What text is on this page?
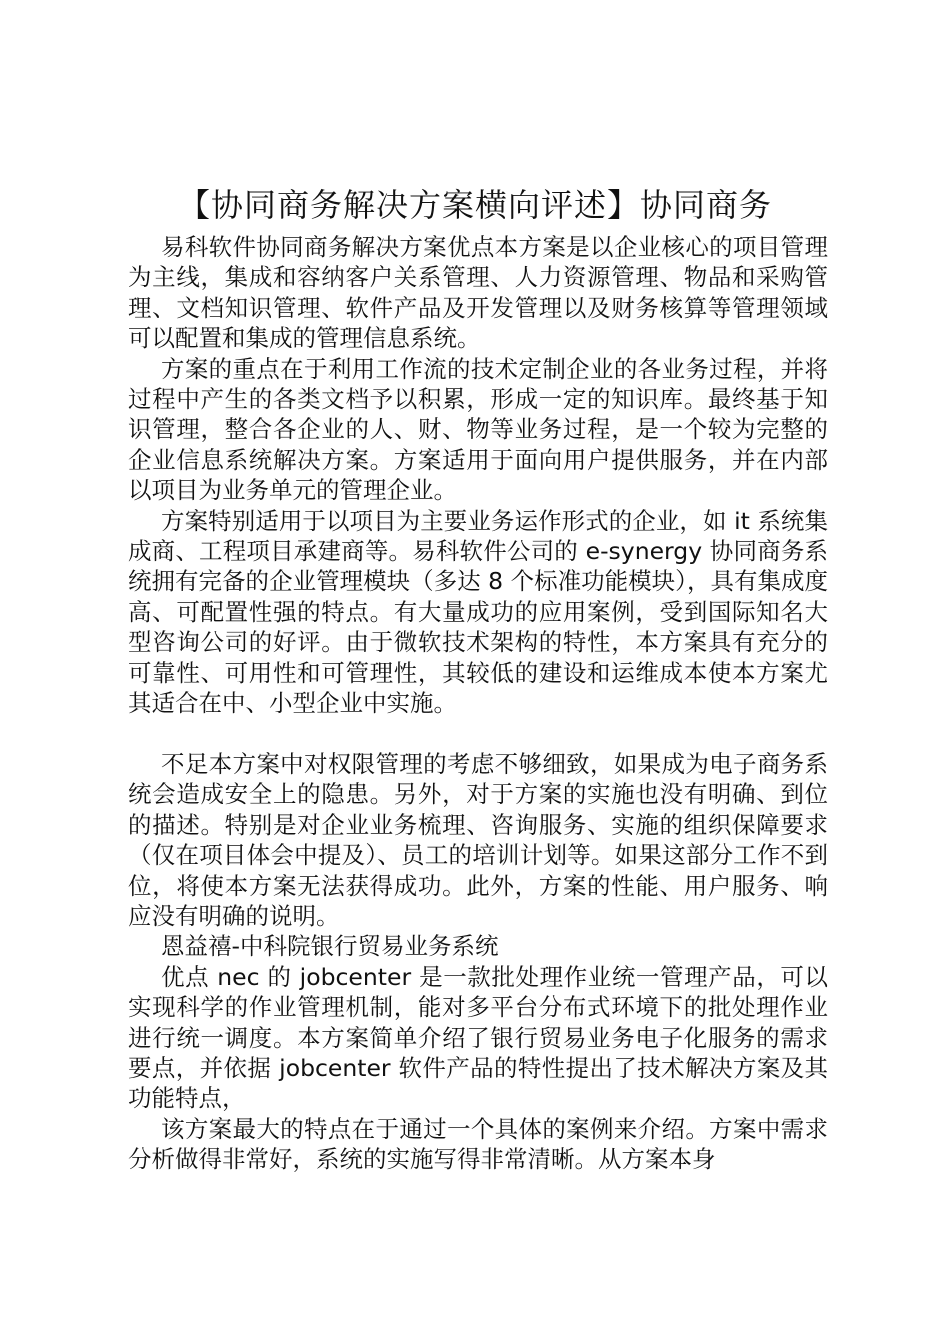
【协同商务解决方案横向评述】协同商务

易科软件协同商务解决方案优点本方案是以企业核心的项目管理为主线，集成和容纳客户关系管理、人力资源管理、物品和采购管理、文档知识管理、软件产品及开发管理以及财务核算等管理领域可以配置和集成的管理信息系统。

方案的重点在于利用工作流的技术定制企业的各业务过程，并将过程中产生的各类文档予以积累，形成一定的知识库。最终基于知识管理，整合各企业的人、财、物等业务过程，是一个较为完整的企业信息系统解决方案。方案适用于面向用户提供服务，并在内部以项目为业务单元的管理企业。

方案特别适用于以项目为主要业务运作形式的企业，如 it 系统集成商、工程项目承建商等。易科软件公司的 e-synergy 协同商务系统拥有完备的企业管理模块（多达 8 个标准功能模块），具有集成度高、可配置性强的特点。有大量成功的应用案例，受到国际知名大型咨询公司的好评。由于微软技术架构的特性，本方案具有充分的可靠性、可用性和可管理性，其较低的建设和运维成本使本方案尤其适合在中、小型企业中实施。

不足本方案中对权限管理的考虑不够细致，如果成为电子商务系统会造成安全上的隐患。另外，对于方案的实施也没有明确、到位的描述。特别是对企业业务梳理、咨询服务、实施的组织保障要求（仅在项目体会中提及）、员工的培训计划等。如果这部分工作不到位，将使本方案无法获得成功。此外，方案的性能、用户服务、响应没有明确的说明。

恩益禧-中科院银行贸易业务系统

优点 nec 的 jobcenter 是一款批处理作业统一管理产品，可以实现科学的作业管理机制，能对多平台分布式环境下的批处理作业进行统一调度。本方案简单介绍了银行贸易业务电子化服务的需求要点，并依据 jobcenter 软件产品的特性提出了技术解决方案及其功能特点，

该方案最大的特点在于通过一个具体的案例来介绍。方案中需求分析做得非常好，系统的实施写得非常清晰。从方案本身
